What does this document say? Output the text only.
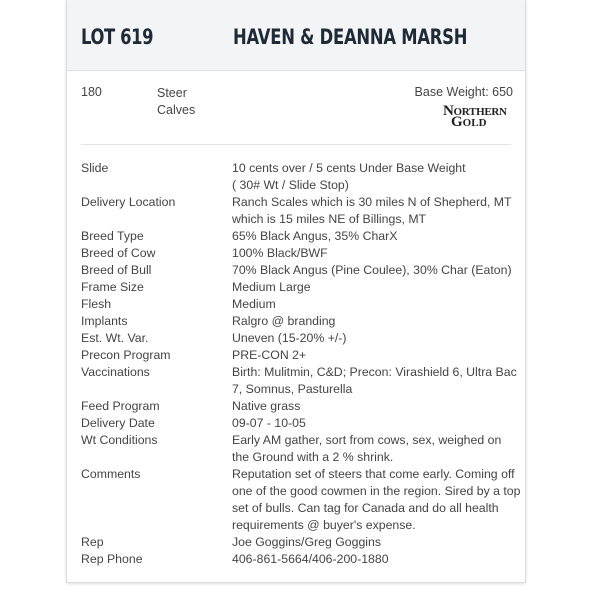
LOT 619	HAVEN & DEANNA MARSH
180	Steer
Calves
Base Weight: 650
NORTHERN
GOLD
Slide	10 cents over / 5 cents Under Base Weight
( 30# Wt / Slide Stop)
Delivery Location	Ranch Scales which is 30 miles N of Shepherd, MT
which is 15 miles NE of Billings, MT
Breed Type	65% Black Angus, 35% CharX
Breed of Cow	100% Black/BWF
Breed of Bull	70% Black Angus (Pine Coulee), 30% Char (Eaton)
Frame Size	Medium Large
Flesh	Medium
Implants	Ralgro @ branding
Est. Wt. Var.	Uneven (15-20% +/-)
Precon Program	PRE-CON 2+
Vaccinations	Birth: Mulitmin, C&D; Precon: Virashield 6, Ultra Bac
7, Somnus, Pasturella
Feed Program	Native grass
Delivery Date	09-07 - 10-05
Wt Conditions	Early AM gather, sort from cows, sex, weighed on
the Ground with a 2 % shrink.
Comments	Reputation set of steers that come early. Coming off
one of the good cowmen in the region. Sired by a top
set of bulls. Can tag for Canada and do all health
requirements @ buyer's expense.
Rep	Joe Goggins/Greg Goggins
Rep Phone	406-861-5664/406-200-1880
